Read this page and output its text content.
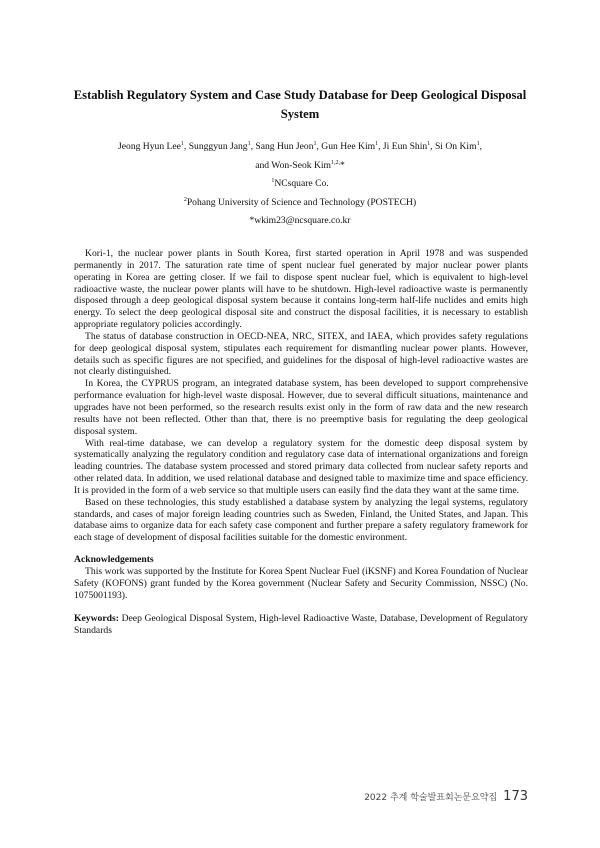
Establish Regulatory System and Case Study Database for Deep Geological Disposal System
Jeong Hyun Lee$^1$, Sunggyun Jang$^1$, Sang Hun Jeon$^1$, Gun Hee Kim$^1$, Ji Eun Shin$^1$, Si On Kim$^1$,
and Won-Seok Kim$^{1,2,}$*
$^1$NCsquare Co.
$^2$Pohang University of Science and Technology (POSTECH)
*wkim23@ncsquare.co.kr

Kori-1, the nuclear power plants in South Korea, first started operation in April 1978 and was suspended permanently in 2017. The saturation rate time of spent nuclear fuel generated by major nuclear power plants operating in Korea are getting closer. If we fail to dispose spent nuclear fuel, which is equivalent to high-level radioactive waste, the nuclear power plants will have to be shutdown. High-level radioactive waste is permanently disposed through a deep geological disposal system because it contains long-term half-life nuclides and emits high energy. To select the deep geological disposal site and construct the disposal facilities, it is necessary to establish appropriate regulatory policies accordingly.

The status of database construction in OECD-NEA, NRC, SITEX, and IAEA, which provides safety regulations for deep geological disposal system, stipulates each requirement for dismantling nuclear power plants. However, details such as specific figures are not specified, and guidelines for the disposal of high-level radioactive wastes are not clearly distinguished.

In Korea, the CYPRUS program, an integrated database system, has been developed to support comprehensive performance evaluation for high-level waste disposal. However, due to several difficult situations, maintenance and upgrades have not been performed, so the research results exist only in the form of raw data and the new research results have not been reflected. Other than that, there is no preemptive basis for regulating the deep geological disposal system.

With real-time database, we can develop a regulatory system for the domestic deep disposal system by systematically analyzing the regulatory condition and regulatory case data of international organizations and foreign leading countries. The database system processed and stored primary data collected from nuclear safety reports and other related data. In addition, we used relational database and designed table to maximize time and space efficiency. It is provided in the form of a web service so that multiple users can easily find the data they want at the same time.

Based on these technologies, this study established a database system by analyzing the legal systems, regulatory standards, and cases of major foreign leading countries such as Sweden, Finland, the United States, and Japan. This database aims to organize data for each safety case component and further prepare a safety regulatory framework for each stage of development of disposal facilities suitable for the domestic environment.

Acknowledgements

This work was supported by the Institute for Korea Spent Nuclear Fuel (iKSNF) and Korea Foundation of Nuclear Safety (KOFONS) grant funded by the Korea government (Nuclear Safety and Security Commission, NSSC) (No. 1075001193).

Keywords: Deep Geological Disposal System, High-level Radioactive Waste, Database, Development of Regulatory Standards

2022 추계 학술발표회논문요약집 173
